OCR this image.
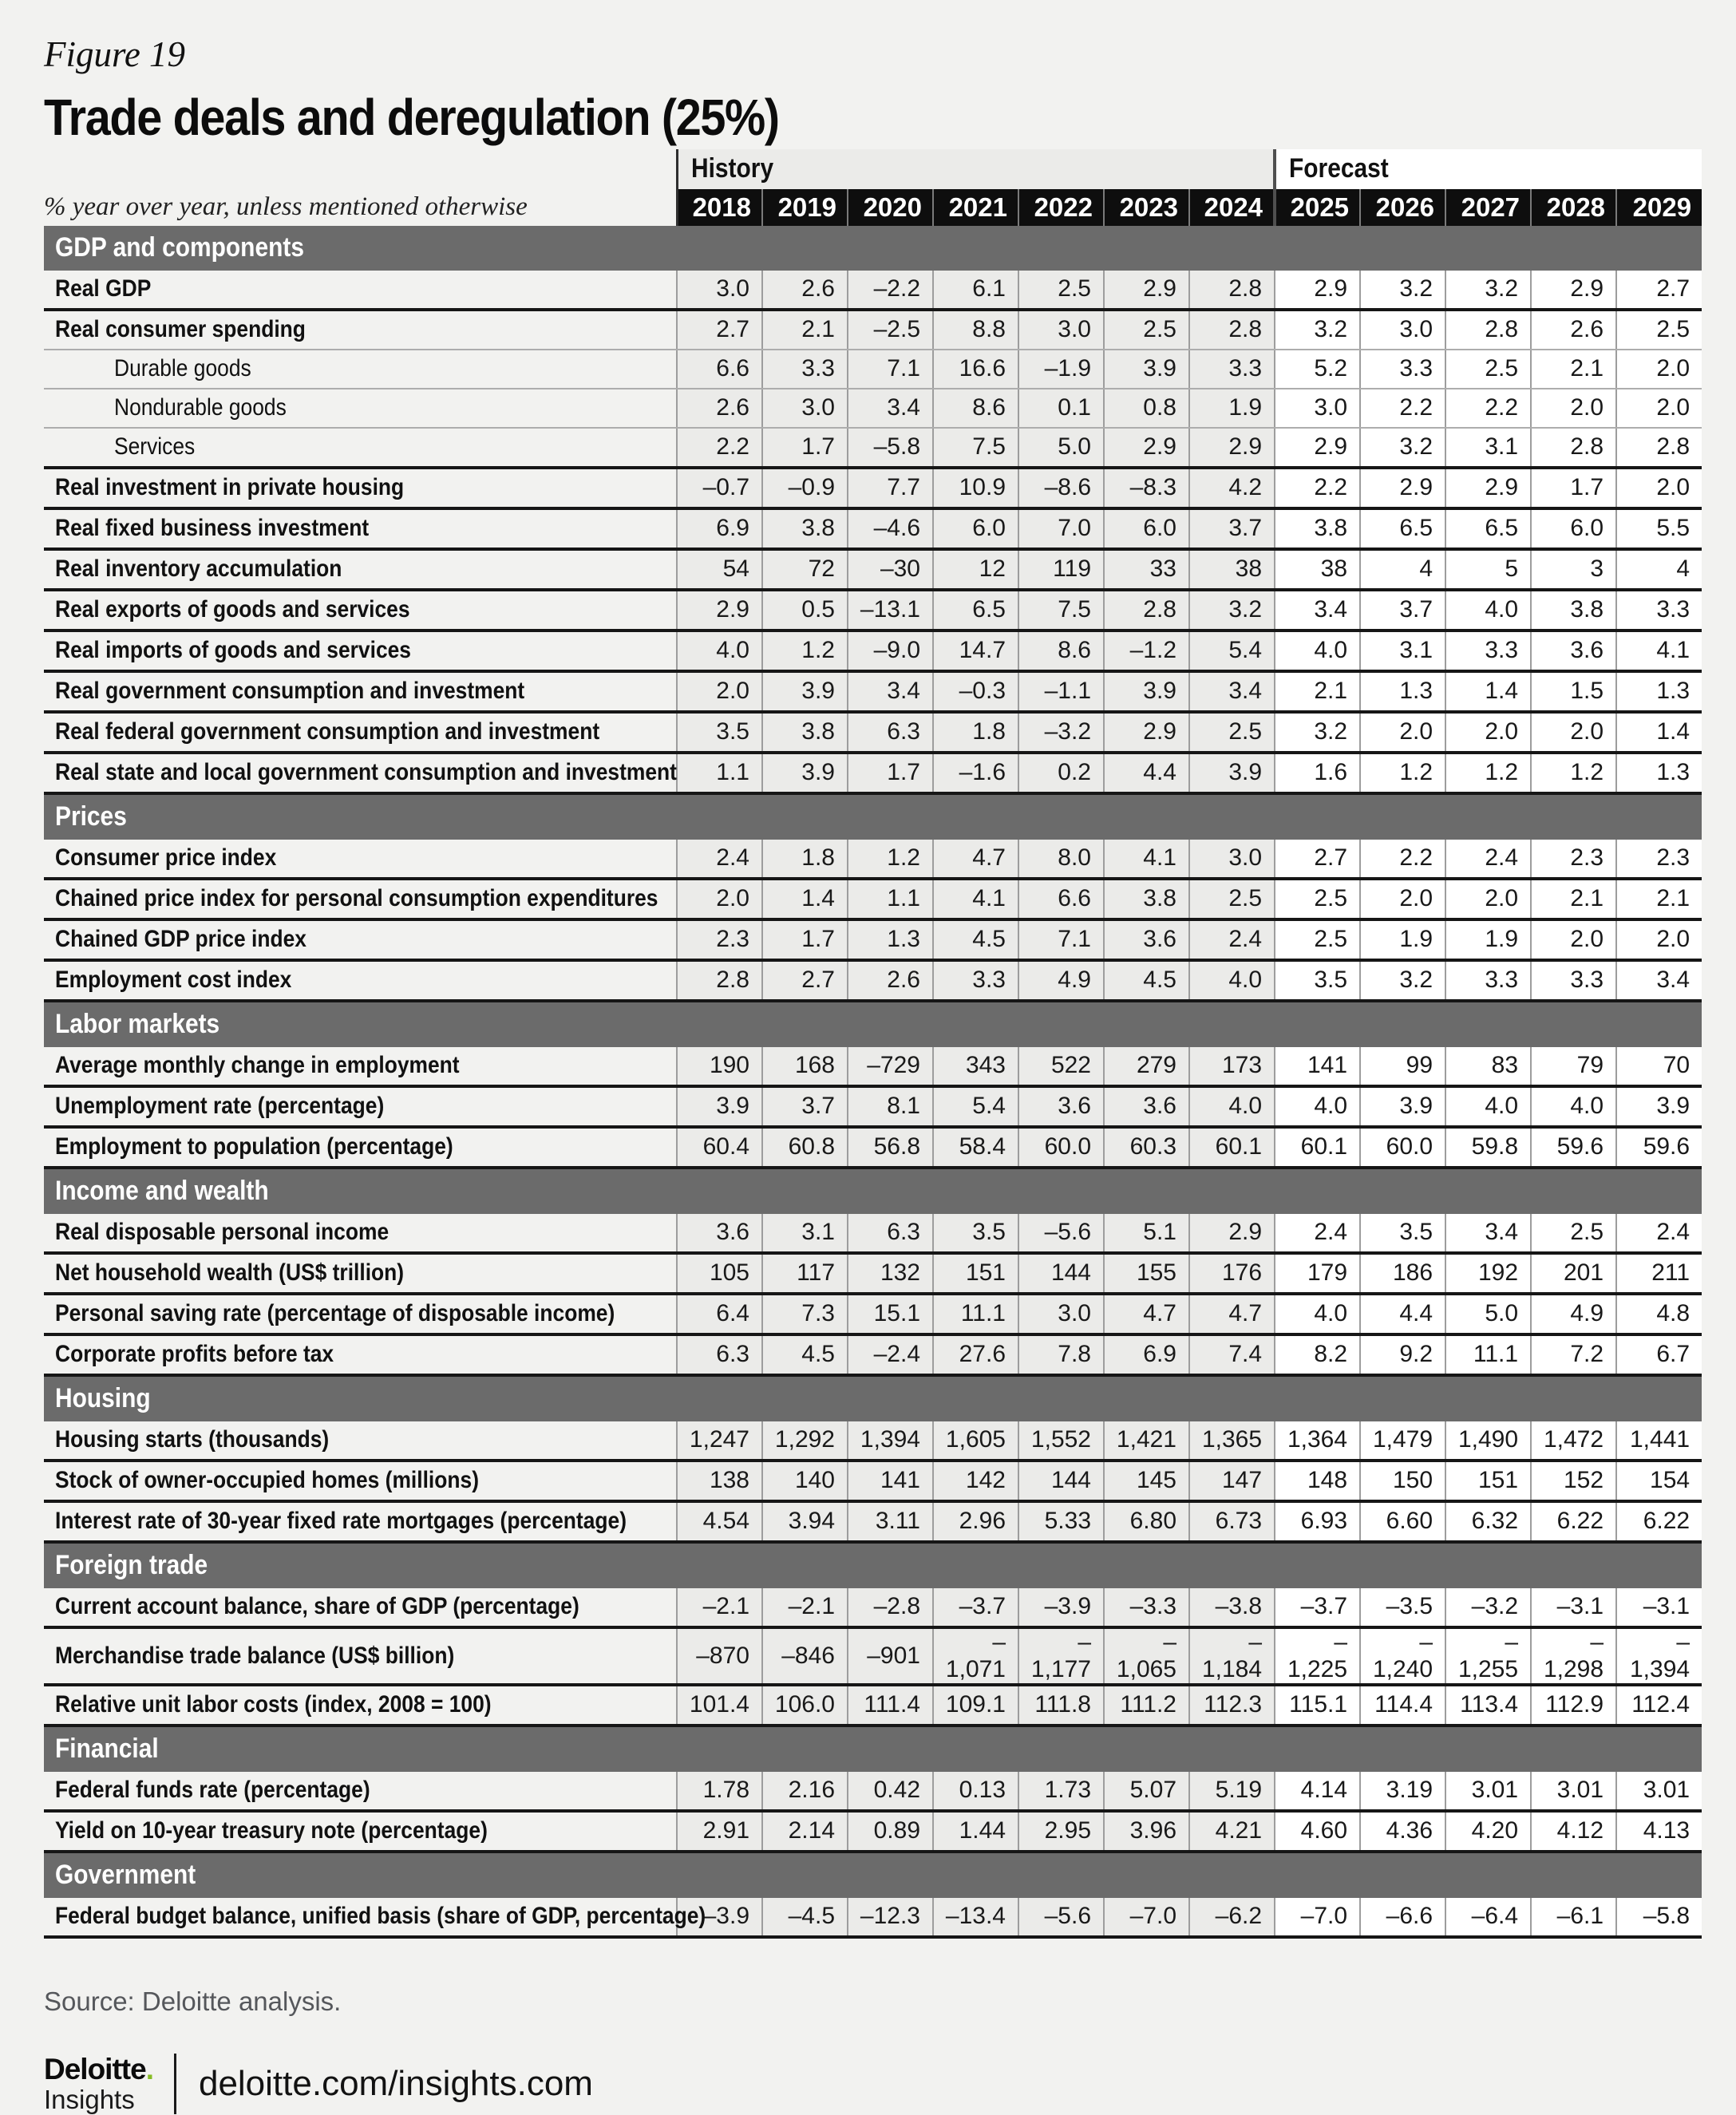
Figure 19

Trade deals and deregulation (25%)
	History							Forecast				
% year over year, unless mentioned otherwise	2018	2019	2020	2021	2022	2023	2024	2025	2026	2027	2028	2029
GDP and components												
Real GDP	3.0	2.6	–2.2	6.1	2.5	2.9	2.8	2.9	3.2	3.2	2.9	2.7
Real consumer spending	2.7	2.1	–2.5	8.8	3.0	2.5	2.8	3.2	3.0	2.8	2.6	2.5
Durable goods	6.6	3.3	7.1	16.6	–1.9	3.9	3.3	5.2	3.3	2.5	2.1	2.0
Nondurable goods	2.6	3.0	3.4	8.6	0.1	0.8	1.9	3.0	2.2	2.2	2.0	2.0
Services	2.2	1.7	–5.8	7.5	5.0	2.9	2.9	2.9	3.2	3.1	2.8	2.8
Real investment in private housing	–0.7	–0.9	7.7	10.9	–8.6	–8.3	4.2	2.2	2.9	2.9	1.7	2.0
Real fixed business investment	6.9	3.8	–4.6	6.0	7.0	6.0	3.7	3.8	6.5	6.5	6.0	5.5
Real inventory accumulation	54	72	–30	12	119	33	38	38	4	5	3	4
Real exports of goods and services	2.9	0.5	–13.1	6.5	7.5	2.8	3.2	3.4	3.7	4.0	3.8	3.3
Real imports of goods and services	4.0	1.2	–9.0	14.7	8.6	–1.2	5.4	4.0	3.1	3.3	3.6	4.1
Real government consumption and investment	2.0	3.9	3.4	–0.3	–1.1	3.9	3.4	2.1	1.3	1.4	1.5	1.3
Real federal government consumption and investment	3.5	3.8	6.3	1.8	–3.2	2.9	2.5	3.2	2.0	2.0	2.0	1.4
Real state and local government consumption and investment	1.1	3.9	1.7	–1.6	0.2	4.4	3.9	1.6	1.2	1.2	1.2	1.3
Prices												
Consumer price index	2.4	1.8	1.2	4.7	8.0	4.1	3.0	2.7	2.2	2.4	2.3	2.3
Chained price index for personal consumption expenditures	2.0	1.4	1.1	4.1	6.6	3.8	2.5	2.5	2.0	2.0	2.1	2.1
Chained GDP price index	2.3	1.7	1.3	4.5	7.1	3.6	2.4	2.5	1.9	1.9	2.0	2.0
Employment cost index	2.8	2.7	2.6	3.3	4.9	4.5	4.0	3.5	3.2	3.3	3.3	3.4
Labor markets												
Average monthly change in employment	190	168	–729	343	522	279	173	141	99	83	79	70
Unemployment rate (percentage)	3.9	3.7	8.1	5.4	3.6	3.6	4.0	4.0	3.9	4.0	4.0	3.9
Employment to population (percentage)	60.4	60.8	56.8	58.4	60.0	60.3	60.1	60.1	60.0	59.8	59.6	59.6
Income and wealth												
Real disposable personal income	3.6	3.1	6.3	3.5	–5.6	5.1	2.9	2.4	3.5	3.4	2.5	2.4
Net household wealth (US$ trillion)	105	117	132	151	144	155	176	179	186	192	201	211
Personal saving rate (percentage of disposable income)	6.4	7.3	15.1	11.1	3.0	4.7	4.7	4.0	4.4	5.0	4.9	4.8
Corporate profits before tax	6.3	4.5	–2.4	27.6	7.8	6.9	7.4	8.2	9.2	11.1	7.2	6.7
Housing												
Housing starts (thousands)	1,247	1,292	1,394	1,605	1,552	1,421	1,365	1,364	1,479	1,490	1,472	1,441
Stock of owner-occupied homes (millions)	138	140	141	142	144	145	147	148	150	151	152	154
Interest rate of 30-year fixed rate mortgages (percentage)	4.54	3.94	3.11	2.96	5.33	6.80	6.73	6.93	6.60	6.32	6.22	6.22
Foreign trade												
Current account balance, share of GDP (percentage)	–2.1	–2.1	–2.8	–3.7	–3.9	–3.3	–3.8	–3.7	–3.5	–3.2	–3.1	–3.1
Merchandise trade balance (US$ billion)	–870	–846	–901	–1,071	–1,177	–1,065	–1,184	–1,225	–1,240	–1,255	–1,298	–1,394
Relative unit labor costs (index, 2008 = 100)	101.4	106.0	111.4	109.1	111.8	111.2	112.3	115.1	114.4	113.4	112.9	112.4
Financial												
Federal funds rate (percentage)	1.78	2.16	0.42	0.13	1.73	5.07	5.19	4.14	3.19	3.01	3.01	3.01
Yield on 10-year treasury note (percentage)	2.91	2.14	0.89	1.44	2.95	3.96	4.21	4.60	4.36	4.20	4.12	4.13
Government												
Federal budget balance, unified basis (share of GDP, percentage)	–3.9	–4.5	–12.3	–13.4	–5.6	–7.0	–6.2	–7.0	–6.6	–6.4	–6.1	–5.8

Source: Deloitte analysis.

Deloitte.
Insights	deloitte.com/insights.com
